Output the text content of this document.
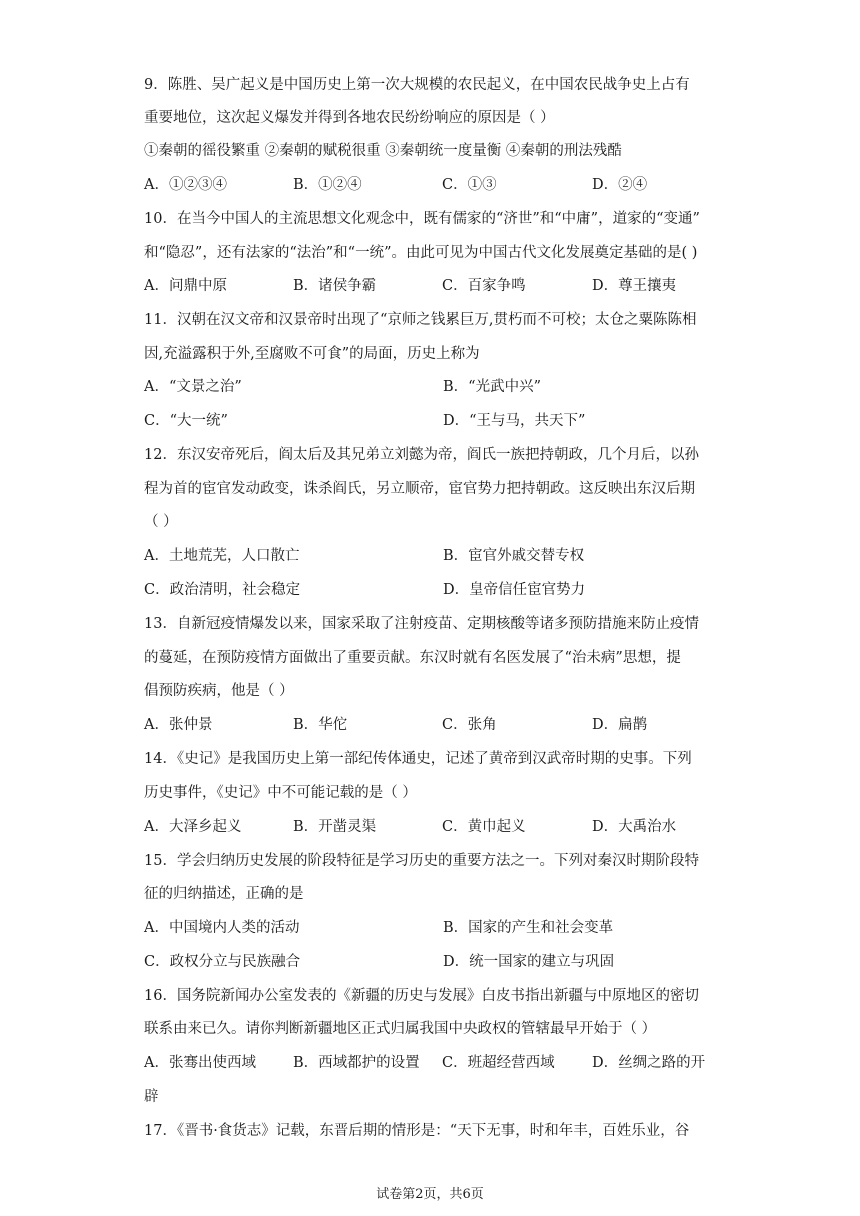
9．陈胜、吴广起义是中国历史上第一次大规模的农民起义，在中国农民战争史上占有
重要地位，这次起义爆发并得到各地农民纷纷响应的原因是（ ）
①秦朝的徭役繁重 ②秦朝的赋税很重 ③秦朝统一度量衡 ④秦朝的刑法残酷
A．①②③④	B．①②④	C．①③	D．②④
10．在当今中国人的主流思想文化观念中，既有儒家的“济世”和“中庸”，道家的“变通”
和“隐忍”，还有法家的“法治”和“一统”。由此可见为中国古代文化发展奠定基础的是( )
A．问鼎中原	B．诸侯争霸	C．百家争鸣	D．尊王攘夷
11．汉朝在汉文帝和汉景帝时出现了“京师之钱累巨万,贯朽而不可校；太仓之粟陈陈相
因,充溢露积于外,至腐败不可食”的局面，历史上称为
A．“文景之治”	B．“光武中兴”
C．“大一统”	D．“王与马，共天下”
12．东汉安帝死后，阎太后及其兄弟立刘懿为帝，阎氏一族把持朝政，几个月后，以孙
程为首的宦官发动政变，诛杀阎氏，另立顺帝，宦官势力把持朝政。这反映出东汉后期
（ ）
A．土地荒芜，人口散亡	B．宦官外戚交替专权
C．政治清明，社会稳定	D．皇帝信任宦官势力
13．自新冠疫情爆发以来，国家采取了注射疫苗、定期核酸等诸多预防措施来防止疫情
的蔓延，在预防疫情方面做出了重要贡献。东汉时就有名医发展了“治未病”思想，提
倡预防疾病，他是（ ）
A．张仲景	B．华佗	C．张角	D．扁鹊
14．《史记》是我国历史上第一部纪传体通史，记述了黄帝到汉武帝时期的史事。下列
历史事件，《史记》中不可能记载的是（ ）
A．大泽乡起义	B．开凿灵渠	C．黄巾起义	D．大禹治水
15．学会归纳历史发展的阶段特征是学习历史的重要方法之一。下列对秦汉时期阶段特
征的归纳描述，正确的是
A．中国境内人类的活动	B．国家的产生和社会变革
C．政权分立与民族融合	D．统一国家的建立与巩固
16．国务院新闻办公室发表的《新疆的历史与发展》白皮书指出新疆与中原地区的密切
联系由来已久。请你判断新疆地区正式归属我国中央政权的管辖最早开始于（ ）
A．张骞出使西域	B．西域都护的设置 C．班超经营西域	D．丝绸之路的开
辟
17．《晋书·食货志》记载，东晋后期的情形是：“天下无事，时和年丰，百姓乐业，谷
试卷第2页，共6页
